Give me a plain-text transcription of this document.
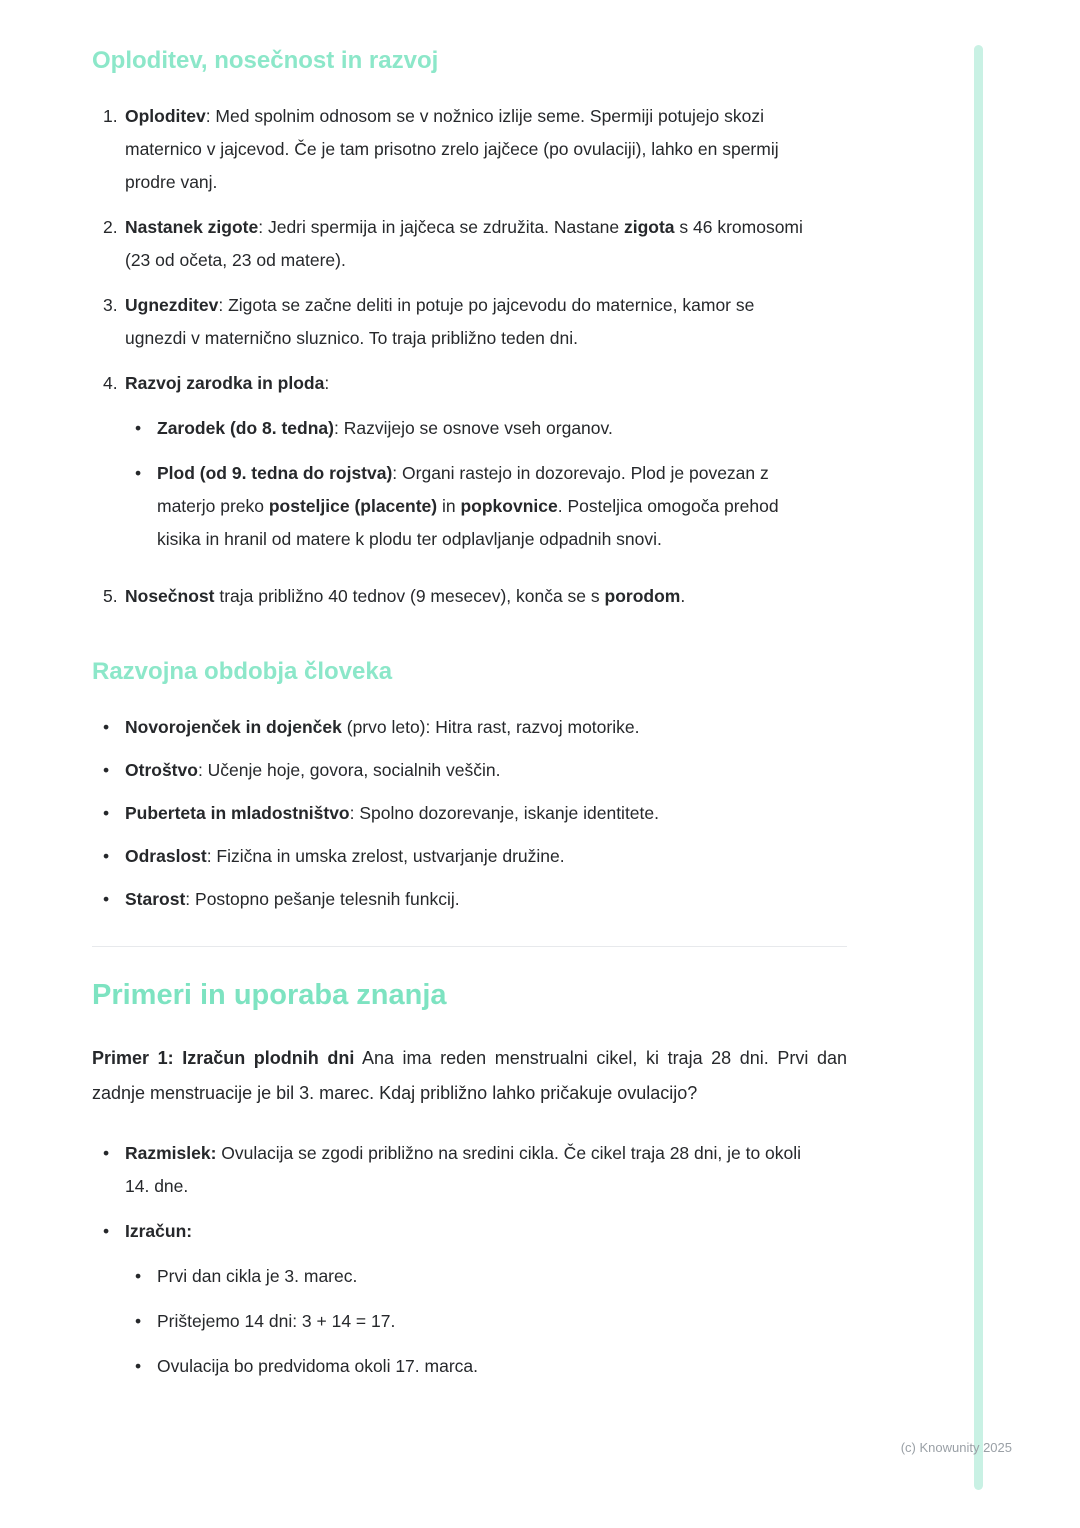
Oploditev, nosečnost in razvoj
1. Oploditev: Med spolnim odnosom se v nožnico izlije seme. Spermiji potujejo skozi maternico v jajcevod. Če je tam prisotno zrelo jajčece (po ovulaciji), lahko en spermij prodre vanj.
2. Nastanek zigote: Jedri spermija in jajčeca se združita. Nastane zigota s 46 kromosomi (23 od očeta, 23 od matere).
3. Ugnezditev: Zigota se začne deliti in potuje po jajcevodu do maternice, kamor se ugnezdi v maternično sluznico. To traja približno teden dni.
4. Razvoj zarodka in ploda:
• Zarodek (do 8. tedna): Razvijejo se osnove vseh organov.
• Plod (od 9. tedna do rojstva): Organi rastejo in dozorevajo. Plod je povezan z materjo preko posteljice (placente) in popkovnice. Posteljica omogoča prehod kisika in hranil od matere k plodu ter odplavljanje odpadnih snovi.
5. Nosečnost traja približno 40 tednov (9 mesecev), konča se s porodom.
Razvojna obdobja človeka
• Novorojenček in dojenček (prvo leto): Hitra rast, razvoj motorike.
• Otroštvo: Učenje hoje, govora, socialnih veščin.
• Puberteta in mladostništvo: Spolno dozorevanje, iskanje identitete.
• Odraslost: Fizična in umska zrelost, ustvarjanje družine.
• Starost: Postopno pešanje telesnih funkcij.
Primeri in uporaba znanja

Primer 1: Izračun plodnih dni Ana ima reden menstrualni cikel, ki traja 28 dni. Prvi dan zadnje menstruacije je bil 3. marec. Kdaj približno lahko pričakuje ovulacijo?

• Razmislek: Ovulacija se zgodi približno na sredini cikla. Če cikel traja 28 dni, je to okoli 14. dne.
• Izračun:
• Prvi dan cikla je 3. marec.
• Prištejemo 14 dni: 3 + 14 = 17.
• Ovulacija bo predvidoma okoli 17. marca.
(c) Knowunity 2025
